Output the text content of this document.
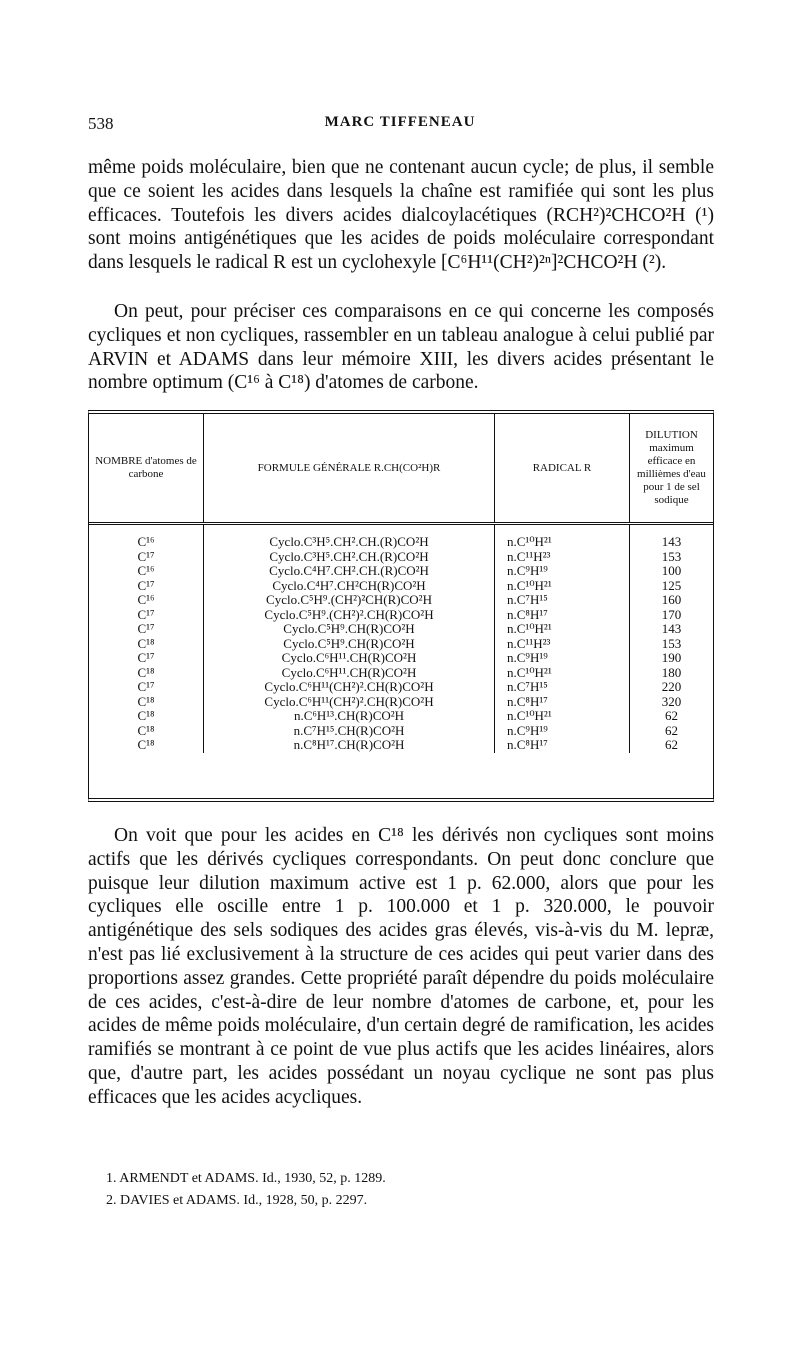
538	MARC TIFFENEAU

même poids moléculaire, bien que ne contenant aucun cycle; de plus, il semble que ce soient les acides dans lesquels la chaîne est ramifiée qui sont les plus efficaces. Toutefois les divers acides dialcoylacétiques (RCH²)²CHCO²H (¹) sont moins antigénétiques que les acides de poids moléculaire correspondant dans lesquels le radical R est un cyclohexyle [C⁶H¹¹(CH²)²ⁿ]²CHCO²H (²).

On peut, pour préciser ces comparaisons en ce qui concerne les composés cycliques et non cycliques, rassembler en un tableau analogue à celui publié par ARVIN et ADAMS dans leur mémoire XIII, les divers acides présentant le nombre optimum (C¹⁶ à C¹⁸) d'atomes de carbone.

NOMBRE d'atomes de carbone	FORMULE GÉNÉRALE R.CH(CO²H)R	RADICAL R	DILUTION maximum efficace en millièmes d'eau pour 1 de sel sodique
C¹⁶	Cyclo.C³H⁵.CH².CH.(R)CO²H	n.C¹⁰H²¹	143
C¹⁷	Cyclo.C³H⁵.CH².CH.(R)CO²H	n.C¹¹H²³	153
C¹⁶	Cyclo.C⁴H⁷.CH².CH.(R)CO²H	n.C⁹H¹⁹	100
C¹⁷	Cyclo.C⁴H⁷.CH²CH(R)CO²H	n.C¹⁰H²¹	125
C¹⁶	Cyclo.C⁵H⁹.(CH²)²CH(R)CO²H	n.C⁷H¹⁵	160
C¹⁷	Cyclo.C⁵H⁹.(CH²)².CH(R)CO²H	n.C⁸H¹⁷	170
C¹⁷	Cyclo.C⁵H⁹.CH(R)CO²H	n.C¹⁰H²¹	143
C¹⁸	Cyclo.C⁵H⁹.CH(R)CO²H	n.C¹¹H²³	153
C¹⁷	Cyclo.C⁶H¹¹.CH(R)CO²H	n.C⁹H¹⁹	190
C¹⁸	Cyclo.C⁶H¹¹.CH(R)CO²H	n.C¹⁰H²¹	180
C¹⁷	Cyclo.C⁶H¹¹(CH²)².CH(R)CO²H	n.C⁷H¹⁵	220
C¹⁸	Cyclo.C⁶H¹¹(CH²)².CH(R)CO²H	n.C⁸H¹⁷	320
C¹⁸	n.C⁶H¹³.CH(R)CO²H	n.C¹⁰H²¹	62
C¹⁸	n.C⁷H¹⁵.CH(R)CO²H	n.C⁹H¹⁹	62
C¹⁸	n.C⁸H¹⁷.CH(R)CO²H	n.C⁸H¹⁷	62

On voit que pour les acides en C¹⁸ les dérivés non cycliques sont moins actifs que les dérivés cycliques correspondants. On peut donc conclure que puisque leur dilution maximum active est 1 p. 62.000, alors que pour les cycliques elle oscille entre 1 p. 100.000 et 1 p. 320.000, le pouvoir antigénétique des sels sodiques des acides gras élevés, vis-à-vis du M. lepræ, n'est pas lié exclusivement à la structure de ces acides qui peut varier dans des proportions assez grandes. Cette propriété paraît dépendre du poids moléculaire de ces acides, c'est-à-dire de leur nombre d'atomes de carbone, et, pour les acides de même poids moléculaire, d'un certain degré de ramification, les acides ramifiés se montrant à ce point de vue plus actifs que les acides linéaires, alors que, d'autre part, les acides possédant un noyau cyclique ne sont pas plus efficaces que les acides acycliques.

1. ARMENDT et ADAMS. Id., 1930, 52, p. 1289.
2. DAVIES et ADAMS. Id., 1928, 50, p. 2297.
